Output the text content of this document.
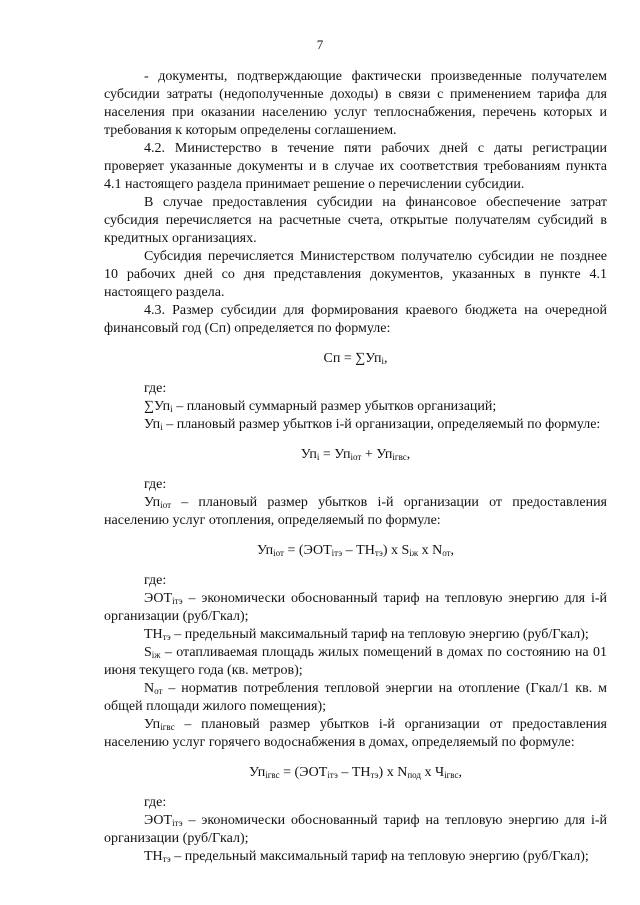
7

- документы, подтверждающие фактически произведенные получателем субсидии затраты (недополученные доходы) в связи с применением тарифа для населения при оказании населению услуг теплоснабжения, перечень которых и требования к которым определены соглашением.

4.2. Министерство в течение пяти рабочих дней с даты регистрации проверяет указанные документы и в случае их соответствия требованиям пункта 4.1 настоящего раздела принимает решение о перечислении субсидии.

В случае предоставления субсидии на финансовое обеспечение затрат субсидия перечисляется на расчетные счета, открытые получателям субсидий в кредитных организациях.

Субсидия перечисляется Министерством получателю субсидии не позднее 10 рабочих дней со дня представления документов, указанных в пункте 4.1 настоящего раздела.

4.3. Размер субсидии для формирования краевого бюджета на очередной финансовый год (Сп) определяется по формуле:

Сп = $\sum Уп_i$,

где:

$\sum Уп_i$ – плановый суммарный размер убытков организаций;

$Уп_i$ – плановый размер убытков i-й организации, определяемый по формуле:

$Уп_i = Уп_{iот} + Уп_{iгвс}$,

где:

$Уп_{iот}$ – плановый размер убытков i-й организации от предоставления населению услуг отопления, определяемый по формуле:

$Уп_{iот} = (ЭОТ_{iтэ} - ТН_{тэ})$ х $S_{iж}$ х $N_{от}$,

где:

$ЭОТ_{iтэ}$ – экономически обоснованный тариф на тепловую энергию для i-й организации (руб/Гкал);

$ТН_{тэ}$ – предельный максимальный тариф на тепловую энергию (руб/Гкал);

$S_{iж}$ – отапливаемая площадь жилых помещений в домах по состоянию на 01 июня текущего года (кв. метров);

$N_{от}$ – норматив потребления тепловой энергии на отопление (Гкал/1 кв. м общей площади жилого помещения);

$Уп_{iгвс}$ – плановый размер убытков i-й организации от предоставления населению услуг горячего водоснабжения в домах, определяемый по формуле:

$Уп_{iгвс} = (ЭОТ_{iтэ} - ТН_{тэ})$ х $N_{под}$ х $Ч_{iгвс}$,

где:

$ЭОТ_{iтэ}$ – экономически обоснованный тариф на тепловую энергию для i-й организации (руб/Гкал);

$ТН_{тэ}$ – предельный максимальный тариф на тепловую энергию (руб/Гкал);
